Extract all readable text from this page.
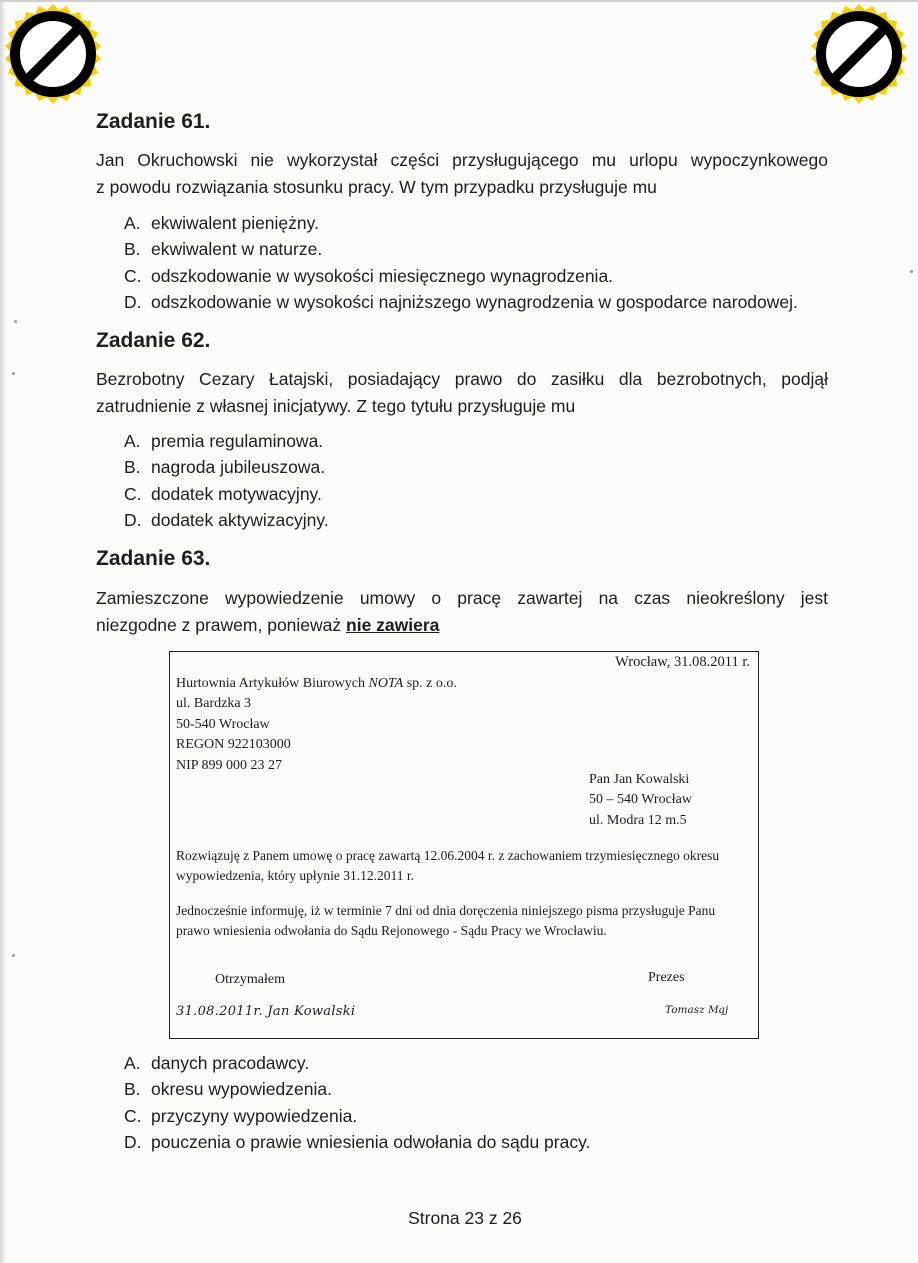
Zadanie 61.
Jan Okruchowski nie wykorzystał części przysługującego mu urlopu wypoczynkowego
z powodu rozwiązania stosunku pracy. W tym przypadku przysługuje mu
A. ekwiwalent pieniężny.
B. ekwiwalent w naturze.
C. odszkodowanie w wysokości miesięcznego wynagrodzenia.
D. odszkodowanie w wysokości najniższego wynagrodzenia w gospodarce narodowej.
Zadanie 62.
Bezrobotny Cezary Łatajski, posiadający prawo do zasiłku dla bezrobotnych, podjął
zatrudnienie z własnej inicjatywy. Z tego tytułu przysługuje mu
A. premia regulaminowa.
B. nagroda jubileuszowa.
C. dodatek motywacyjny.
D. dodatek aktywizacyjny.
Zadanie 63.
Zamieszczone wypowiedzenie umowy o pracę zawartej na czas nieokreślony jest
niezgodne z prawem, ponieważ nie zawiera
Wrocław, 31.08.2011 r.
Hurtownia Artykułów Biurowych NOTA sp. z o.o.
ul. Bardzka 3
50-540 Wrocław
REGON 922103000
NIP 899 000 23 27
Pan Jan Kowalski
50 – 540 Wrocław
ul. Modra 12 m.5
Rozwiązuję z Panem umowę o pracę zawartą 12.06.2004 r. z zachowaniem trzymiesięcznego okresu wypowiedzenia, który upłynie 31.12.2011 r.
Jednocześnie informuję, iż w terminie 7 dni od dnia doręczenia niniejszego pisma przysługuje Panu prawo wniesienia odwołania do Sądu Rejonowego - Sądu Pracy we Wrocławiu.
Otrzymałem	Prezes
31.08.2011r. Jan Kowalski	Tomasz Mąj
A. danych pracodawcy.
B. okresu wypowiedzenia.
C. przyczyny wypowiedzenia.
D. pouczenia o prawie wniesienia odwołania do sądu pracy.
Strona 23 z 26
